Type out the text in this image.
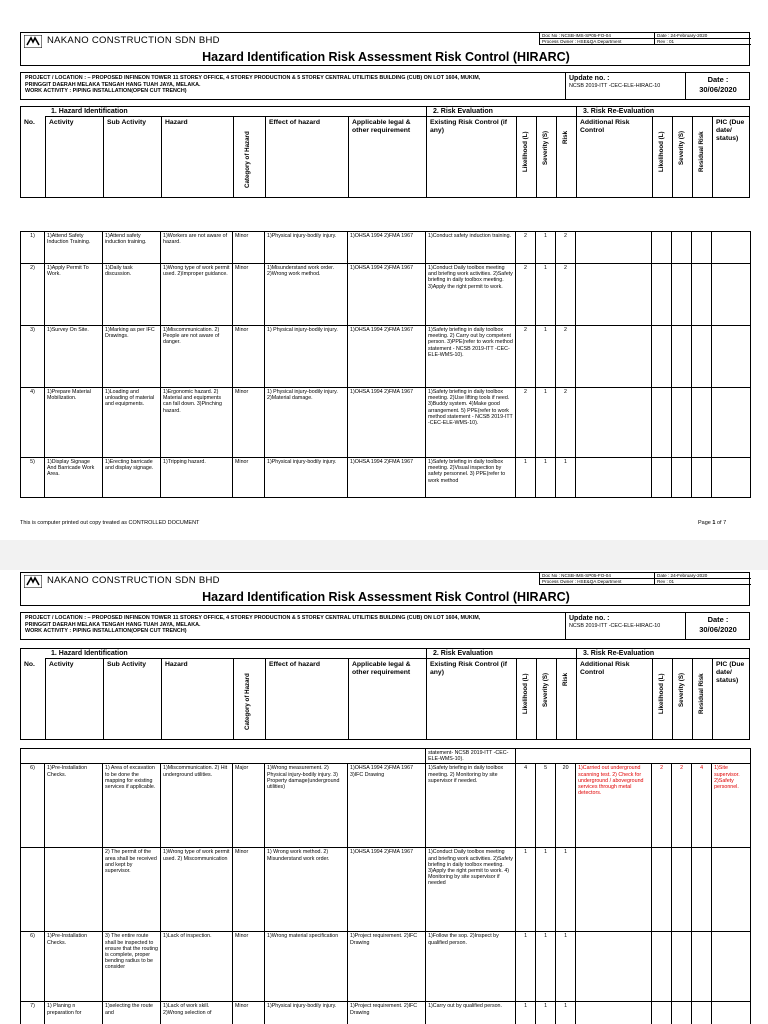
NAKANO CONSTRUCTION SDN BHD	Doc No : NCSB-IMS-SP05-FO-04	Date : 24-February-2020
Process Owner : HSE&QA Department	Rev : 01
Hazard Identification Risk Assessment Risk Control (HIRARC)
PROJECT / LOCATION : – PROPOSED INFINEON TOWER 11 STOREY OFFICE, 4 STOREY PRODUCTION & 5 STOREY CENTRAL UTILITIES BUILDING (CUB) ON LOT 1604, MUKIM,
PRINGGIT DAERAH MELAKA TENGAH HANG TUAH JAYA, MELAKA.
WORK ACTIVITY : PIPING INSTALLATION(OPEN CUT TRENCH)
Update no. :
NCSB 2019-ITT -CEC-ELE-HIRAC-10
Date :
30/06/2020
1. Hazard Identification	2. Risk Evaluation	3. Risk Re-Evaluation
No.	Activity	Sub Activity	Hazard
Category of Hazard
Effect of hazard	Applicable legal & other requirement
Existing Risk Control (if any)
Likelihood (L) Severity (S) Risk
Additional Risk Control
Likelihood (L) Severity (S) Residual Risk
PIC (Due date/ status)
1)	1)Attend Safety Induction Training.	1)Attend safety induction training.	1)Workers are not aware of hazard.	Minor	1)Physical injury-bodily injury.	1)OHSA 1994 2)FMA 1967	1)Conduct safety induction training.	2	1	2					
2)	1)Apply Permit To Work.	1)Daily task discussion.	1)Wrong type of work permit used. 2)Improper guidance.	Minor	1)Misunderstand work order. 2)Wrong work method.	1)OHSA 1994 2)FMA 1967	1)Conduct Daily toolbox meeting and briefing work activities. 2)Safety briefing in daily toolbox meeting. 3)Apply the right permit to work.	2	1	2					
3)	1)Survey On Site.	1)Marking as per IFC Drawings.	1)Miscommunication. 2) People are not aware of danger.	Minor	1) Physical injury-bodily injury.	1)OHSA 1994 2)FMA 1967	1)Safety briefing in daily toolbox meeting. 2) Carry out by competent person. 3)PPE(refer to work method statement - NCSB 2019-ITT -CEC-ELE-WMS-10).	2	1	2					
4)	1)Prepare Material Mobilization.	1)Loading and unloading of material and equipments.	1)Ergonomic hazard. 2) Material and equipments can fall down. 3)Pinching hazard.	Minor	1) Physical injury-bodily injury. 2)Material damage.	1)OHSA 1994 2)FMA 1967	1)Safety briefing in daily toolbox meeting. 2)Use lifting tools if need. 3)Buddy system. 4)Make good arrangement. 5) PPE(refer to work method statement - NCSB 2019-ITT -CEC-ELE-WMS-10).	2	1	2					
5)	1)Display Signage And Barricade Work Area.	1)Erecting barricade and display signage.	1)Tripping hazard.	Minor	1)Physical injury-bodily injury.	1)OHSA 1994 2)FMA 1967	1)Safety briefing in daily toolbox meeting. 2)Visual inspection by safety personnel. 3) PPE(refer to work method	1	1	1					
This is computer printed out copy treated as CONTROLLED DOCUMENT	Page 1 of 7
NAKANO CONSTRUCTION SDN BHD	Doc No : NCSB-IMS-SP05-FO-04	Date : 24-February-2020
Process Owner : HSE&QA Department	Rev : 01
Hazard Identification Risk Assessment Risk Control (HIRARC)
PROJECT / LOCATION : – PROPOSED INFINEON TOWER 11 STOREY OFFICE, 4 STOREY PRODUCTION & 5 STOREY CENTRAL UTILITIES BUILDING (CUB) ON LOT 1604, MUKIM,
PRINGGIT DAERAH MELAKA TENGAH HANG TUAH JAYA, MELAKA.
WORK ACTIVITY : PIPING INSTALLATION(OPEN CUT TRENCH)
Update no. :
NCSB 2019-ITT -CEC-ELE-HIRAC-10
Date :
30/06/2020
1. Hazard Identification	2. Risk Evaluation	3. Risk Re-Evaluation
No.	Activity	Sub Activity	Hazard
Category of Hazard
Effect of hazard	Applicable legal & other requirement
Existing Risk Control (if any)
Likelihood (L) Severity (S) Risk
Additional Risk Control
Likelihood (L) Severity (S) Residual Risk
PIC (Due date/ status)
							statement- NCSB 2019-ITT -CEC-ELE-WMS-10).								
6)	1)Pre-Installation Checks.	1) Area of excavation to be done the mapping for existing services if applicable.	1)Miscommunication. 2) Hit underground utilities.	Major	1)Wrong measurement. 2) Physical injury-bodily injury. 3) Property damage(underground utilities)	1)OHSA 1994 2)FMA 1967 3)IFC Drawing	1)Safety briefing in daily toolbox meeting. 2) Monitoring by site supervisor if needed.	4	5	20	1)Carried out underground scanning test. 2) Check for underground / aboveground services through metal detectors.	2	2	4	1)Site supervisor. 2)Safety personnel.
		2) The permit of the area shall be received and kept by supervisor.	1)Wrong type of work permit used. 2) Miscommunication	Minor	1) Wrong work method. 2) Misunderstand work order.	1)OHSA 1994 2)FMA 1967	1)Conduct Daily toolbox meeting and briefing work activities. 2)Safety briefing in daily toolbox meeting. 3)Apply the right permit to work. 4) Monitoring by site supervisor if needed	1	1	1					
6)	1)Pre-Installation Checks.	3) The entire route shall be inspected to ensure that the routing is complete, proper bending radius to be consider	1)Lack of inspection.	Minor	1)Wrong material specification	1)Project requirement. 2)IFC Drawing	1)Follow the sop. 2)Inspect by qualified person.	1	1	1					
7)	1) Planing n preparation for	1)selecting the route and	1)Lack of work skill. 2)Wrong selection of	Minor	1)Physical injury-bodily injury.	1)Project requirement. 2)IFC Drawing	1)Carry out by qualified person.	1	1	1					
